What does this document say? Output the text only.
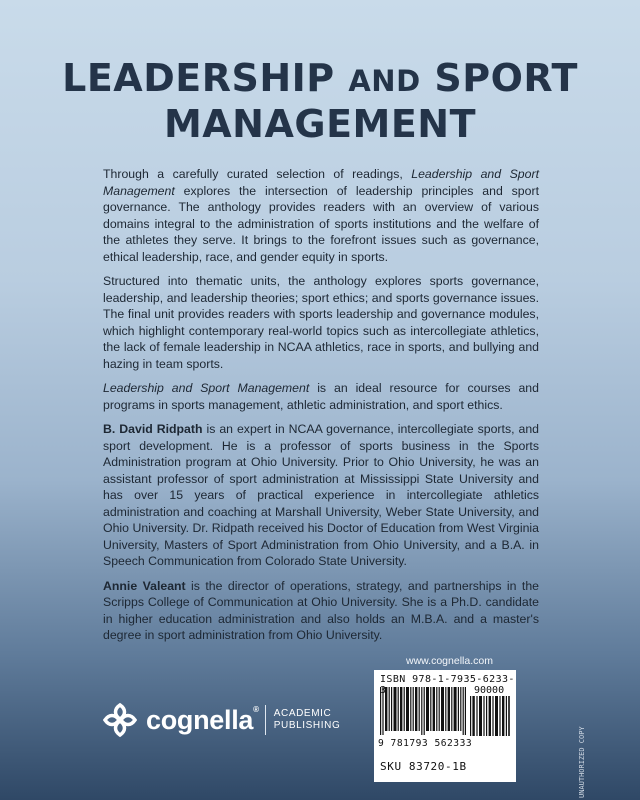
LEADERSHIP AND SPORT
MANAGEMENT

Through a carefully curated selection of readings, Leadership and Sport Management explores the intersection of leadership principles and sport governance. The anthology provides readers with an overview of various domains integral to the administration of sports institutions and the welfare of the athletes they serve. It brings to the forefront issues such as governance, ethical leadership, race, and gender equity in sports.

Structured into thematic units, the anthology explores sports governance, leadership, and leadership theories; sport ethics; and sports governance issues. The final unit provides readers with sports leadership and governance modules, which highlight contemporary real-world topics such as intercollegiate athletics, the lack of female leadership in NCAA athletics, race in sports, and bullying and hazing in team sports.

Leadership and Sport Management is an ideal resource for courses and programs in sports management, athletic administration, and sport ethics.

B. David Ridpath is an expert in NCAA governance, intercollegiate sports, and sport development. He is a professor of sports business in the Sports Administration program at Ohio University. Prior to Ohio University, he was an assistant professor of sport administration at Mississippi State University and has over 15 years of practical experience in intercollegiate athletics administration and coaching at Marshall University, Weber State University, and Ohio University. Dr. Ridpath received his Doctor of Education from West Virginia University, Masters of Sport Administration from Ohio University, and a B.A. in Speech Communication from Colorado State University.

Annie Valeant is the director of operations, strategy, and partnerships in the Scripps College of Communication at Ohio University. She is a Ph.D. candidate in higher education administration and also holds an M.B.A. and a master's degree in sport administration from Ohio University.

www.cognella.com
ISBN 978-1-7935-6233-
90000
9 781793 562333
SKU 83720-1B
cognella® ACADEMIC
PUBLISHING
UNAUTHORIZED COPY
